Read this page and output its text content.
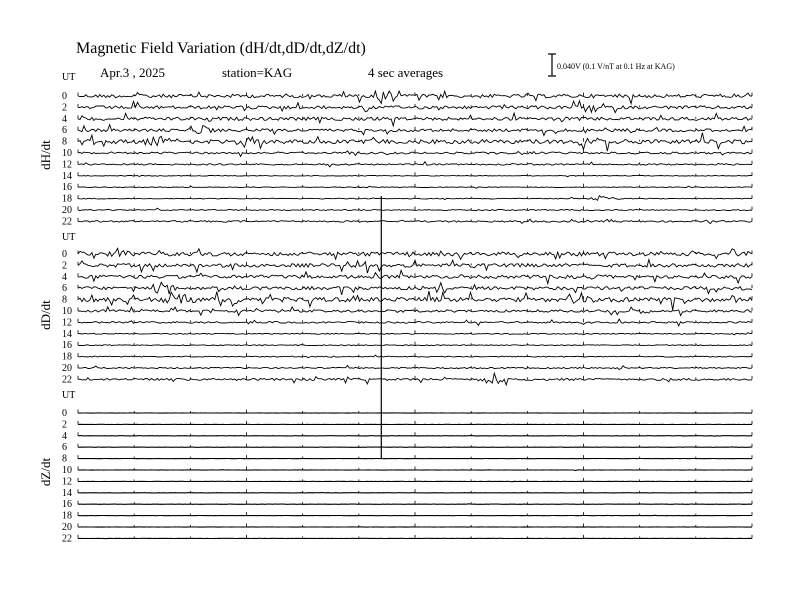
Magnetic Field Variation (dH/dt,dD/dt,dZ/dt)
Apr.3 , 2025	station=KAG	4 sec averages	0.040V (0.1 V/nT at 0.1 Hz at KAG)
UT
dH/dt
0
2
4
6
8
10
12
14
16
18
20
22
UT
dD/dt
0
2
4
6
8
10
12
14
16
18
20
22
UT
dZ/dt
0
2
4
6
8
10
12
14
16
18
20
22
